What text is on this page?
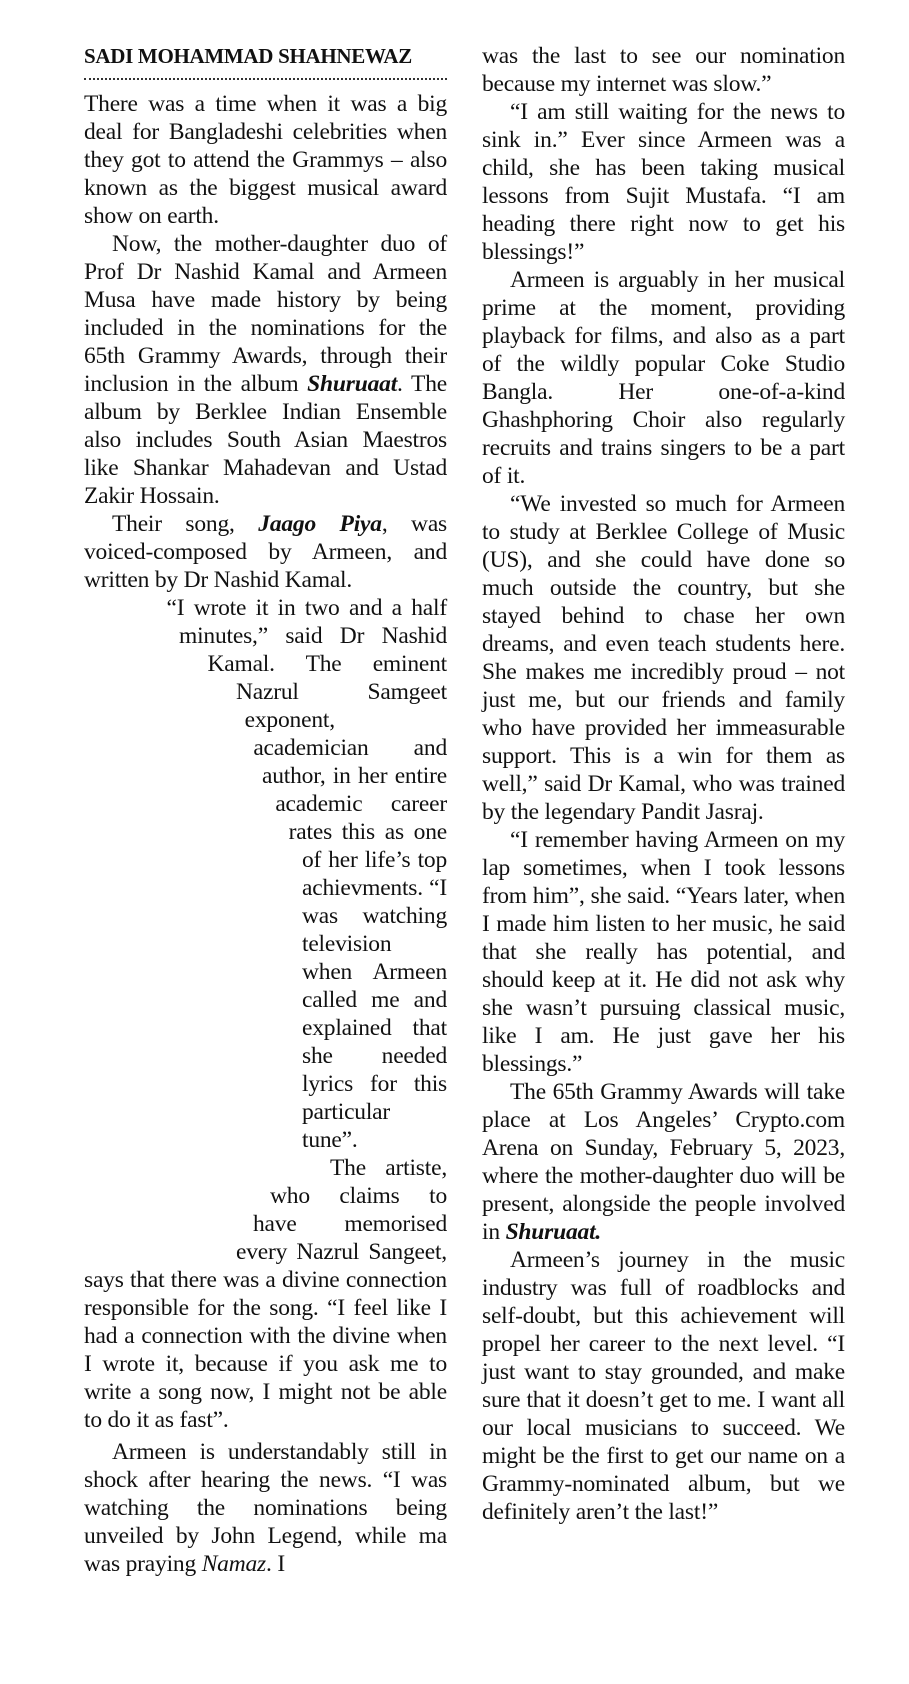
SADI MOHAMMAD SHAHNEWAZ

There was a time when it was a big deal for Bangladeshi celebrities when they got to attend the Grammys – also known as the biggest musical award show on earth.

Now, the mother-daughter duo of Prof Dr Nashid Kamal and Armeen Musa have made history by being included in the nominations for the 65th Grammy Awards, through their inclusion in the album Shuruaat. The album by Berklee Indian Ensemble also includes South Asian Maestros like Shankar Mahadevan and Ustad Zakir Hossain.

Their song, Jaago Piya, was voiced-composed by Armeen, and written by Dr Nashid Kamal.

“I wrote it in two and a half minutes,” said Dr Nashid Kamal. The eminent Nazrul Samgeet exponent, academician and author, in her entire academic career rates this as one of her life’s top achievments. “I was watching television when Armeen called me and explained that she needed lyrics for this particular tune”.

The artiste, who claims to have memorised every Nazrul Sangeet, says that there was a divine connection responsible for the song. “I feel like I had a connection with the divine when I wrote it, because if you ask me to write a song now, I might not be able to do it as fast”.

Armeen is understandably still in shock after hearing the news. “I was watching the nominations being unveiled by John Legend, while ma was praying Namaz. I

was the last to see our nomination because my internet was slow.”

“I am still waiting for the news to sink in.” Ever since Armeen was a child, she has been taking musical lessons from Sujit Mustafa. “I am heading there right now to get his blessings!”

Armeen is arguably in her musical prime at the moment, providing playback for films, and also as a part of the wildly popular Coke Studio Bangla. Her one-of-a-kind Ghashphoring Choir also regularly recruits and trains singers to be a part of it.

“We invested so much for Armeen to study at Berklee College of Music (US), and she could have done so much outside the country, but she stayed behind to chase her own dreams, and even teach students here. She makes me incredibly proud – not just me, but our friends and family who have provided her immeasurable support. This is a win for them as well,” said Dr Kamal, who was trained by the legendary Pandit Jasraj.

“I remember having Armeen on my lap sometimes, when I took lessons from him”, she said. “Years later, when I made him listen to her music, he said that she really has potential, and should keep at it. He did not ask why she wasn’t pursuing classical music, like I am. He just gave her his blessings.”

The 65th Grammy Awards will take place at Los Angeles’ Crypto.com Arena on Sunday, February 5, 2023, where the mother-daughter duo will be present, alongside the people involved in Shuruaat.

Armeen’s journey in the music industry was full of roadblocks and self-doubt, but this achievement will propel her career to the next level. “I just want to stay grounded, and make sure that it doesn’t get to me. I want all our local musicians to succeed. We might be the first to get our name on a Grammy-nominated album, but we definitely aren’t the last!”
